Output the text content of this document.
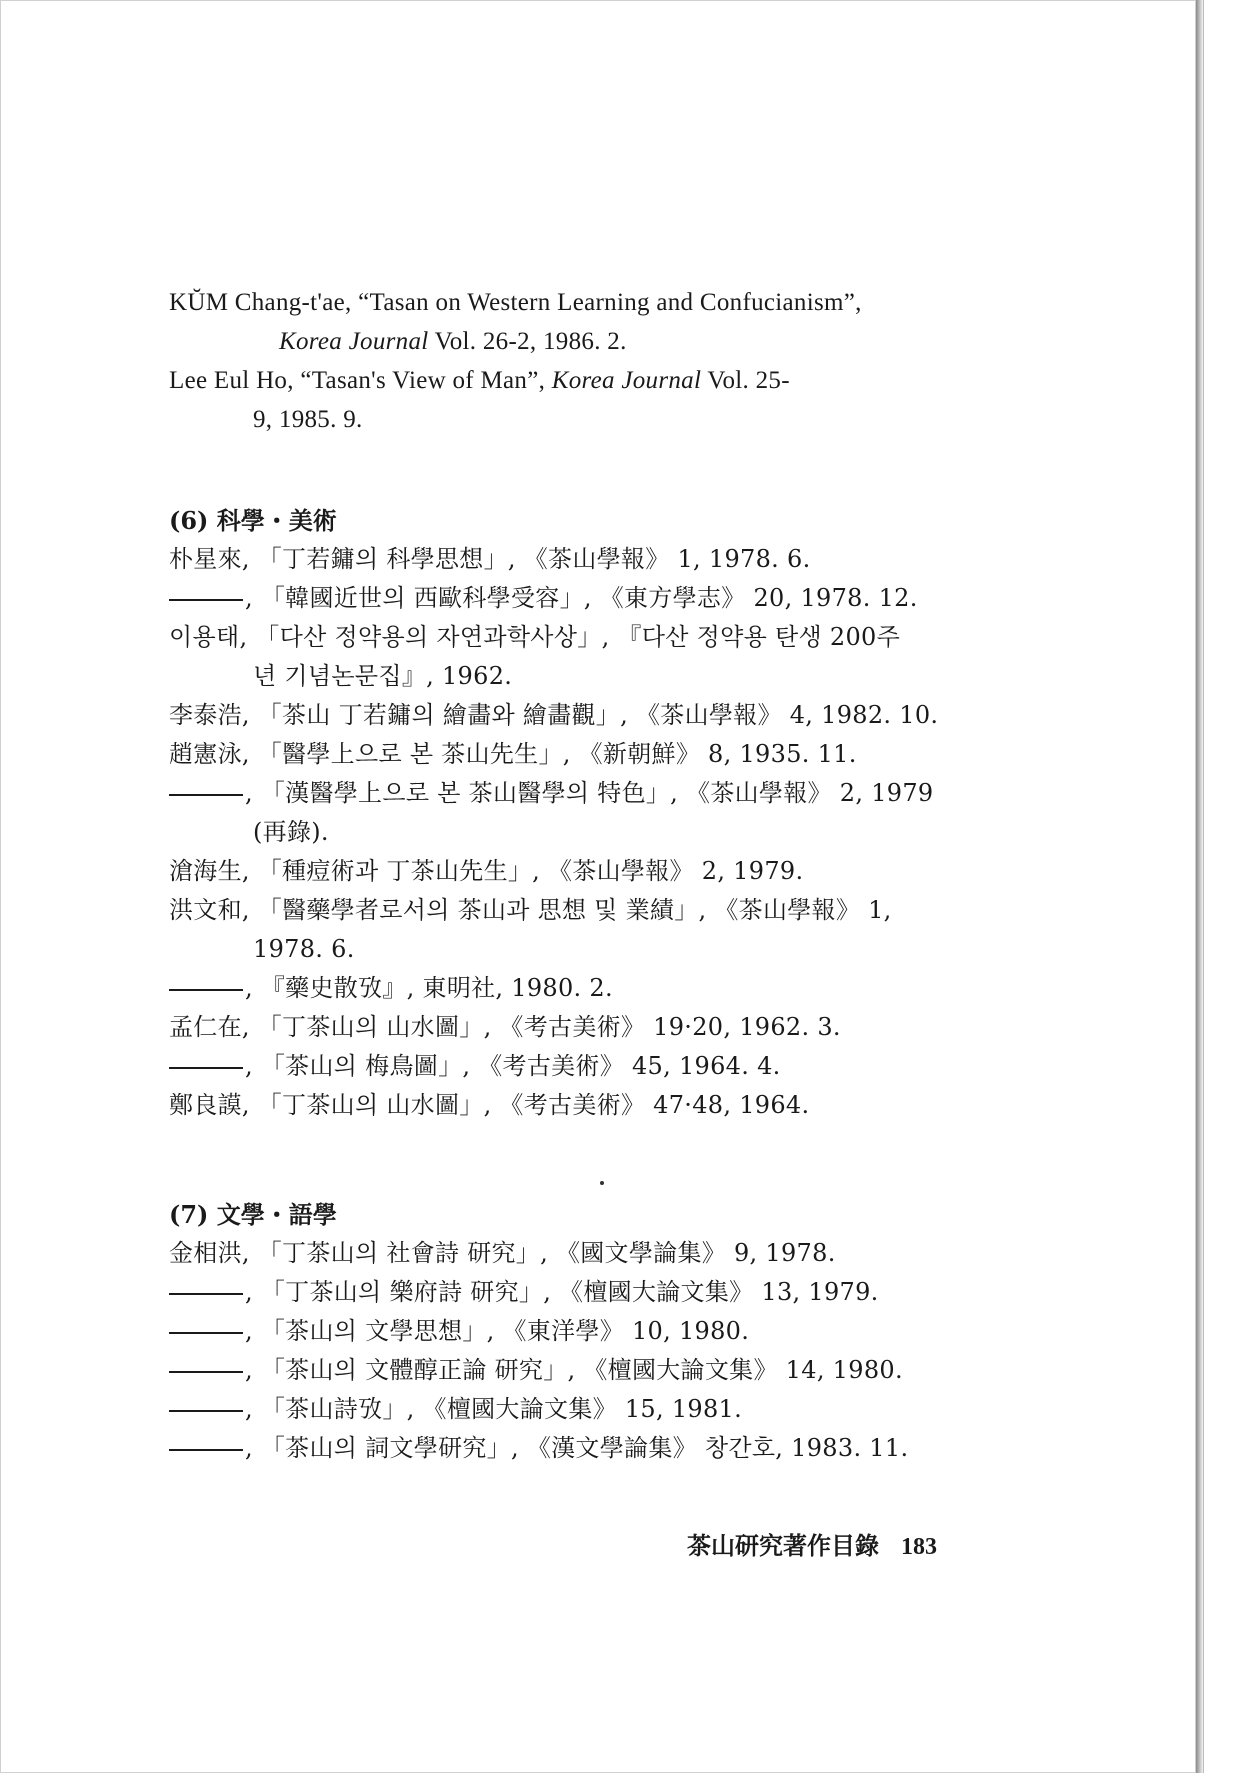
KŬM Chang-t'ae, “Tasan on Western Learning and Confucianism”,
Korea Journal Vol. 26-2, 1986. 2.
Lee Eul Ho, “Tasan's View of Man”, Korea Journal Vol. 25-
9, 1985. 9.
(6) 科學・美術
朴星來, 「丁若鏞의 科學思想」, 《茶山學報》 1, 1978. 6.
, 「韓國近世의 西歐科學受容」, 《東方學志》 20, 1978. 12.
이용태, 「다산 정약용의 자연과학사상」, 『다산 정약용 탄생 200주
년 기념논문집』, 1962.
李泰浩, 「茶山 丁若鏞의 繪畵와 繪畵觀」, 《茶山學報》 4, 1982. 10.
趙憲泳, 「醫學上으로 본 茶山先生」, 《新朝鮮》 8, 1935. 11.
, 「漢醫學上으로 본 茶山醫學의 特色」, 《茶山學報》 2, 1979
(再錄).
滄海生, 「種痘術과 丁茶山先生」, 《茶山學報》 2, 1979.
洪文和, 「醫藥學者로서의 茶山과 思想 및 業績」, 《茶山學報》 1,
1978. 6.
, 『藥史散攷』, 東明社, 1980. 2.
孟仁在, 「丁茶山의 山水圖」, 《考古美術》 19·20, 1962. 3.
, 「茶山의 梅鳥圖」, 《考古美術》 45, 1964. 4.
鄭良謨, 「丁茶山의 山水圖」, 《考古美術》 47·48, 1964.
(7) 文學・語學
金相洪, 「丁茶山의 社會詩 研究」, 《國文學論集》 9, 1978.
, 「丁茶山의 樂府詩 研究」, 《檀國大論文集》 13, 1979.
, 「茶山의 文學思想」, 《東洋學》 10, 1980.
, 「茶山의 文體醇正論 研究」, 《檀國大論文集》 14, 1980.
, 「茶山詩攷」, 《檀國大論文集》 15, 1981.
, 「茶山의 詞文學研究」, 《漢文學論集》 창간호, 1983. 11.
茶山研究著作目錄 183
